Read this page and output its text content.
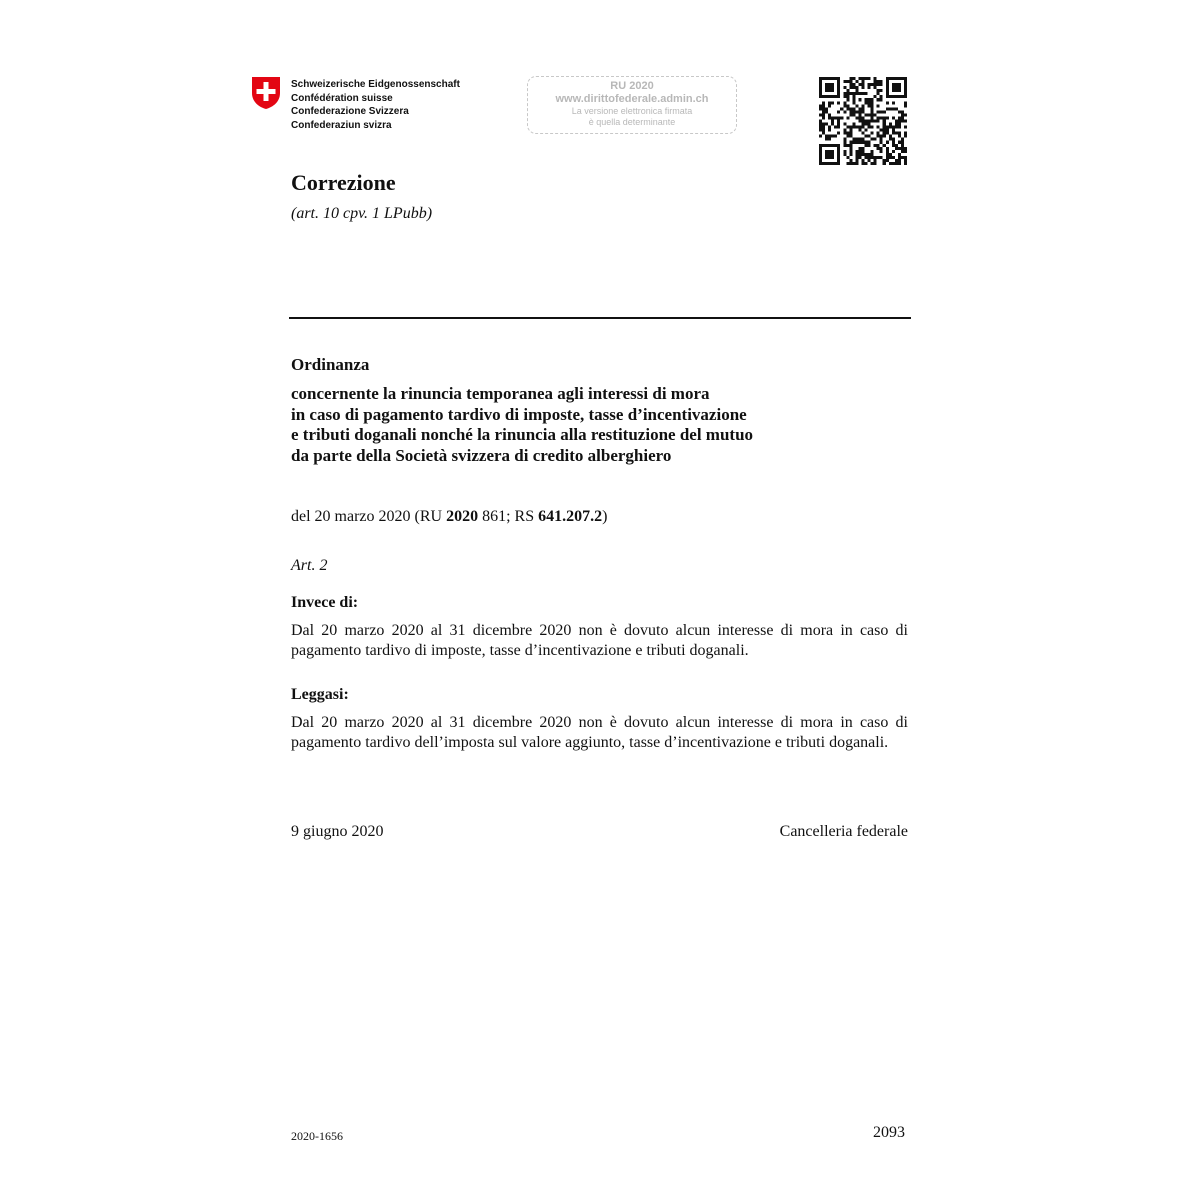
Schweizerische Eidgenossenschaft
Confédération suisse
Confederazione Svizzera
Confederaziun svizra
RU 2020
www.dirittofederale.admin.ch
La versione elettronica firmata
è quella determinante
Correzione
(art. 10 cpv. 1 LPubb)
Ordinanza
concernente la rinuncia temporanea agli interessi di mora
in caso di pagamento tardivo di imposte, tasse d’incentivazione
e tributi doganali nonché la rinuncia alla restituzione del mutuo
da parte della Società svizzera di credito alberghiero
del 20 marzo 2020 (RU 2020 861; RS 641.207.2)
Art. 2
Invece di:
Dal 20 marzo 2020 al 31 dicembre 2020 non è dovuto alcun interesse di mora in caso di pagamento tardivo di imposte, tasse d’incentivazione e tributi doganali.
Leggasi:
Dal 20 marzo 2020 al 31 dicembre 2020 non è dovuto alcun interesse di mora in caso di pagamento tardivo dell’imposta sul valore aggiunto, tasse d’incentivazione e tributi doganali.
9 giugno 2020	Cancelleria federale
2020-1656	2093
